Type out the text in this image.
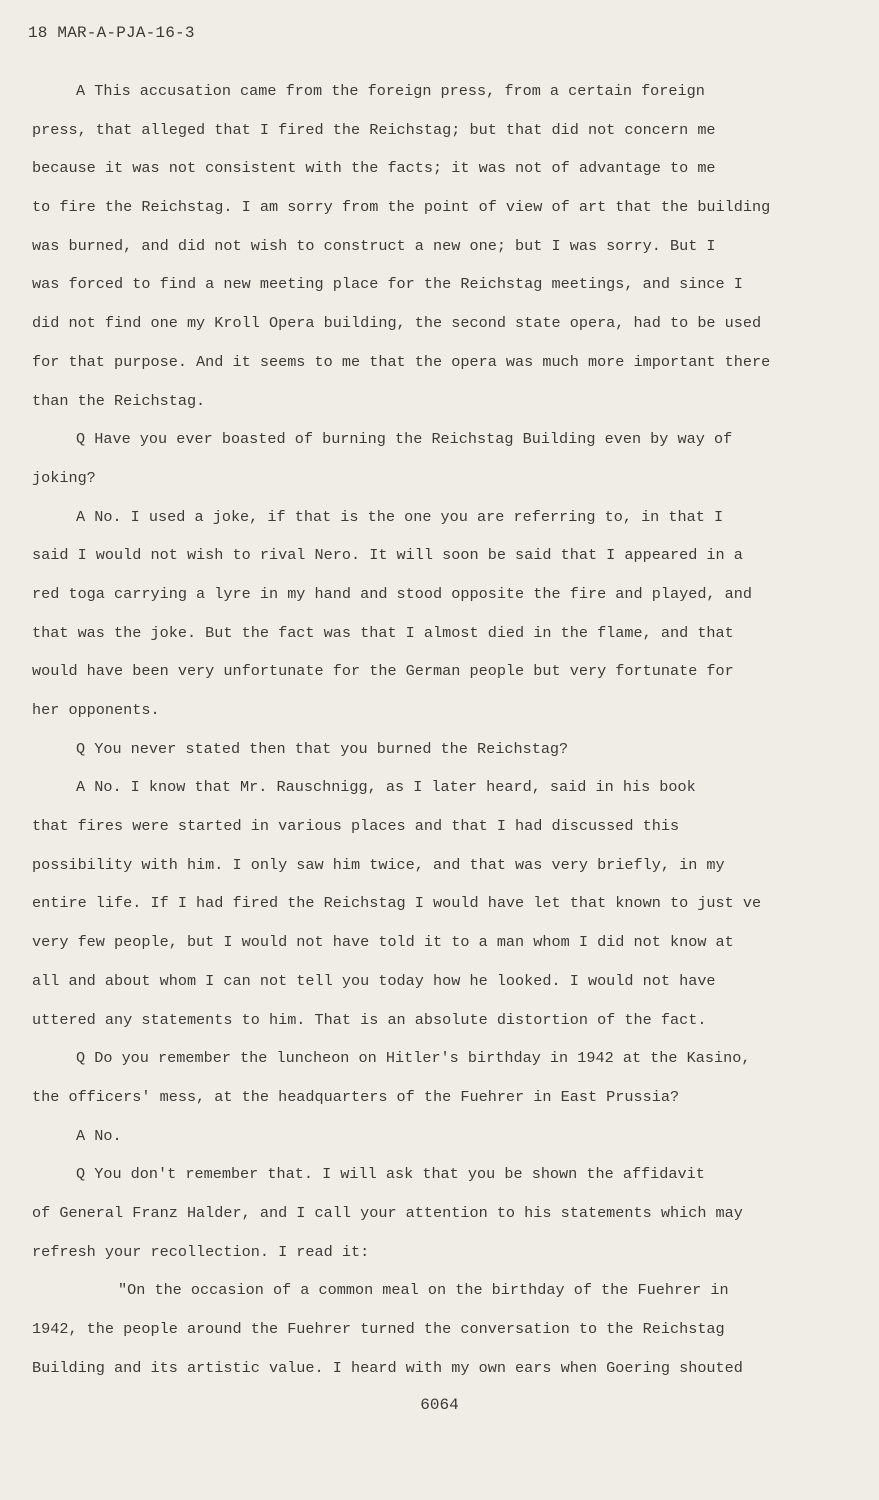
18 MAR-A-PJA-16-3

A This accusation came from the foreign press, from a certain foreign
press, that alleged that I fired the Reichstag; but that did not concern me
because it was not consistent with the facts; it was not of advantage to me
to fire the Reichstag. I am sorry from the point of view of art that the building
was burned, and did not wish to construct a new one; but I was sorry. But I
was forced to find a new meeting place for the Reichstag meetings, and since I
did not find one my Kroll Opera building, the second state opera, had to be used
for that purpose. And it seems to me that the opera was much more important there
than the Reichstag.
Q Have you ever boasted of burning the Reichstag Building even by way of
joking?
A No. I used a joke, if that is the one you are referring to, in that I
said I would not wish to rival Nero. It will soon be said that I appeared in a
red toga carrying a lyre in my hand and stood opposite the fire and played, and
that was the joke. But the fact was that I almost died in the flame, and that
would have been very unfortunate for the German people but very fortunate for
her opponents.
Q You never stated then that you burned the Reichstag?
A No. I know that Mr. Rauschnigg, as I later heard, said in his book
that fires were started in various places and that I had discussed this
possibility with him. I only saw him twice, and that was very briefly, in my
entire life. If I had fired the Reichstag I would have let that known to just ve
very few people, but I would not have told it to a man whom I did not know at
all and about whom I can not tell you today how he looked. I would not have
uttered any statements to him. That is an absolute distortion of the fact.
Q Do you remember the luncheon on Hitler's birthday in 1942 at the Kasino,
the officers' mess, at the headquarters of the Fuehrer in East Prussia?
A No.
Q You don't remember that. I will ask that you be shown the affidavit
of General Franz Halder, and I call your attention to his statements which may
refresh your recollection. I read it:
"On the occasion of a common meal on the birthday of the Fuehrer in
1942, the people around the Fuehrer turned the conversation to the Reichstag
Building and its artistic value. I heard with my own ears when Goering shouted

6064
